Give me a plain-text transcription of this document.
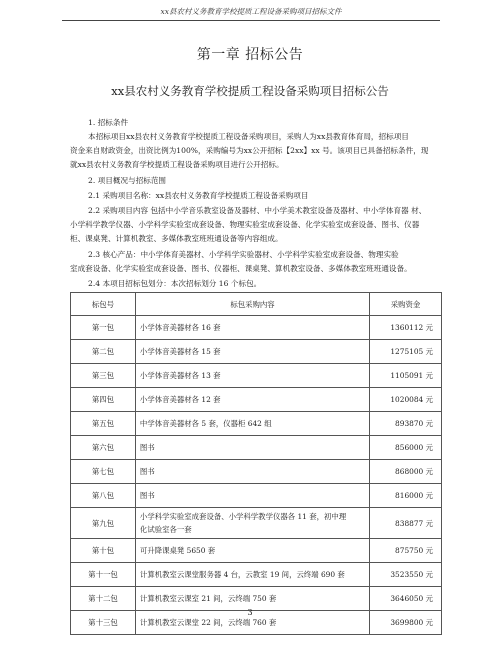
xx县农村义务教育学校提质工程设备采购项目招标文件
第一章 招标公告
xx县农村义务教育学校提质工程设备采购项目招标公告
1. 招标条件
本招标项目xx县农村义务教育学校提质工程设备采购项目，采购人为xx县教育体育局，招标项目
资金来自财政资金，出资比例为100%，采购编号为xx公开招标【2xx】xx 号。该项目已具备招标条件，现
就xx县农村义务教育学校提质工程设备采购项目进行公开招标。
2. 项目概况与招标范围
2.1 采购项目名称：xx县农村义务教育学校提质工程设备采购项目
2.2 采购项目内容 包括中小学音乐教室设备及器材、中小学美术教室设备及器材、中小学体育器 材、
小学科学教学仪器、小学科学实验室成套设备、物理实验室成套设备、化学实验室成套设备、图书、仪器
柜、课桌凳、计算机教室、多媒体教室班班通设备等内容组成。
2.3 核心产品：中小学体育美器材、小学科学实验器材、小学科学实验室成套设备、物理实验
室成套设备、化学实验室成套设备、图书、仪器柜、课桌凳、算机教室设备、多媒体教室班班通设备。
2.4 本项目招标包划分：本次招标划分 16 个标包。
标包号	标包采购内容	采购资金
第一包	小学体音美器材各 16 套	1360112 元
第二包	小学体音美器材各 15 套	1275105 元
第三包	小学体音美器材各 13 套	1105091 元
第四包	小学体音美器材各 12 套	1020084 元
第五包	中学体音美器材各 5 套，仪器柜 642 组	893870 元
第六包	图书	856000 元
第七包	图书	868000 元
第八包	图书	816000 元
第九包	小学科学实验室成套设备、小学科学教学仪器各 11 套，初中理
化试验室各一套	838877 元
第十包	可升降课桌凳 5650 套	875750 元
第十一包	计算机教室云课堂服务器 4 台，云教室 19 间，云终端 690 套	3523550 元
第十二包	计算机教室云课室 21 间，云终端 750 套	3646050 元
第十三包	计算机教室云课堂 22 间，云终端 760 套	3699800 元
3
